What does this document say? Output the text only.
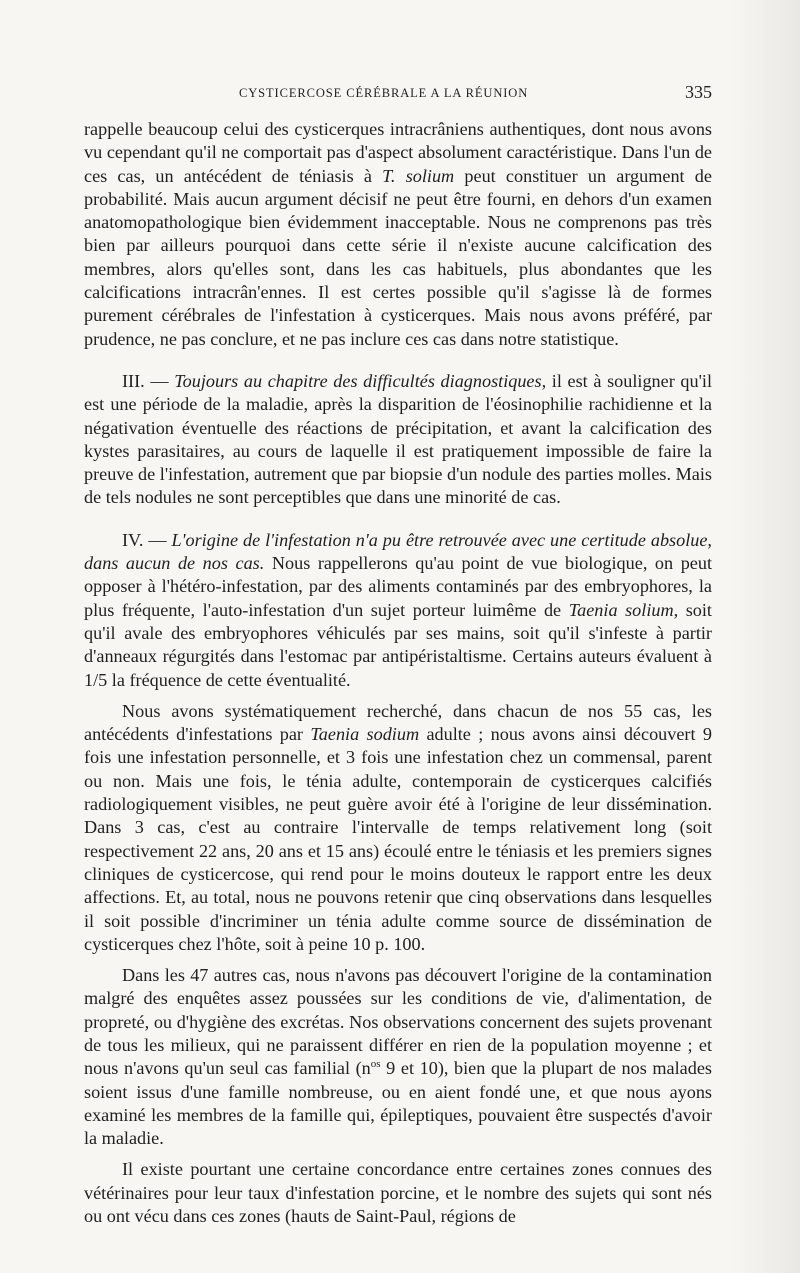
CYSTICERCOSE CÉRÉBRALE A LA RÉUNION	335

rappelle beaucoup celui des cysticerques intracrâniens authentiques, dont nous avons vu cependant qu'il ne comportait pas d'aspect absolument caractéristique. Dans l'un de ces cas, un antécédent de téniasis à T. solium peut constituer un argument de probabilité. Mais aucun argument décisif ne peut être fourni, en dehors d'un examen anatomopathologique bien évidemment inacceptable. Nous ne comprenons pas très bien par ailleurs pourquoi dans cette série il n'existe aucune calcification des membres, alors qu'elles sont, dans les cas habituels, plus abondantes que les calcifications intracrân'ennes. Il est certes possible qu'il s'agisse là de formes purement cérébrales de l'infestation à cysticerques. Mais nous avons préféré, par prudence, ne pas conclure, et ne pas inclure ces cas dans notre statistique.

III. — Toujours au chapitre des difficultés diagnostiques, il est à souligner qu'il est une période de la maladie, après la disparition de l'éosinophilie rachidienne et la négativation éventuelle des réactions de précipitation, et avant la calcification des kystes parasitaires, au cours de laquelle il est pratiquement impossible de faire la preuve de l'infestation, autrement que par biopsie d'un nodule des parties molles. Mais de tels nodules ne sont perceptibles que dans une minorité de cas.

IV. — L'origine de l'infestation n'a pu être retrouvée avec une certitude absolue, dans aucun de nos cas. Nous rappellerons qu'au point de vue biologique, on peut opposer à l'hétéro-infestation, par des aliments contaminés par des embryophores, la plus fréquente, l'auto-infestation d'un sujet porteur luimême de Taenia solium, soit qu'il avale des embryophores véhiculés par ses mains, soit qu'il s'infeste à partir d'anneaux régurgités dans l'estomac par antipéristaltisme. Certains auteurs évaluent à 1/5 la fréquence de cette éventualité.

Nous avons systématiquement recherché, dans chacun de nos 55 cas, les antécédents d'infestations par Taenia sodium adulte ; nous avons ainsi découvert 9 fois une infestation personnelle, et 3 fois une infestation chez un commensal, parent ou non. Mais une fois, le ténia adulte, contemporain de cysticerques calcifiés radiologiquement visibles, ne peut guère avoir été à l'origine de leur dissémination. Dans 3 cas, c'est au contraire l'intervalle de temps relativement long (soit respectivement 22 ans, 20 ans et 15 ans) écoulé entre le téniasis et les premiers signes cliniques de cysticercose, qui rend pour le moins douteux le rapport entre les deux affections. Et, au total, nous ne pouvons retenir que cinq observations dans lesquelles il soit possible d'incriminer un ténia adulte comme source de dissémination de cysticerques chez l'hôte, soit à peine 10 p. 100.

Dans les 47 autres cas, nous n'avons pas découvert l'origine de la contamination malgré des enquêtes assez poussées sur les conditions de vie, d'alimentation, de propreté, ou d'hygiène des excrétas. Nos observations concernent des sujets provenant de tous les milieux, qui ne paraissent différer en rien de la population moyenne ; et nous n'avons qu'un seul cas familial ($n^{os}$ 9 et 10), bien que la plupart de nos malades soient issus d'une famille nombreuse, ou en aient fondé une, et que nous ayons examiné les membres de la famille qui, épileptiques, pouvaient être suspectés d'avoir la maladie.

Il existe pourtant une certaine concordance entre certaines zones connues des vétérinaires pour leur taux d'infestation porcine, et le nombre des sujets qui sont nés ou ont vécu dans ces zones (hauts de Saint-Paul, régions de
